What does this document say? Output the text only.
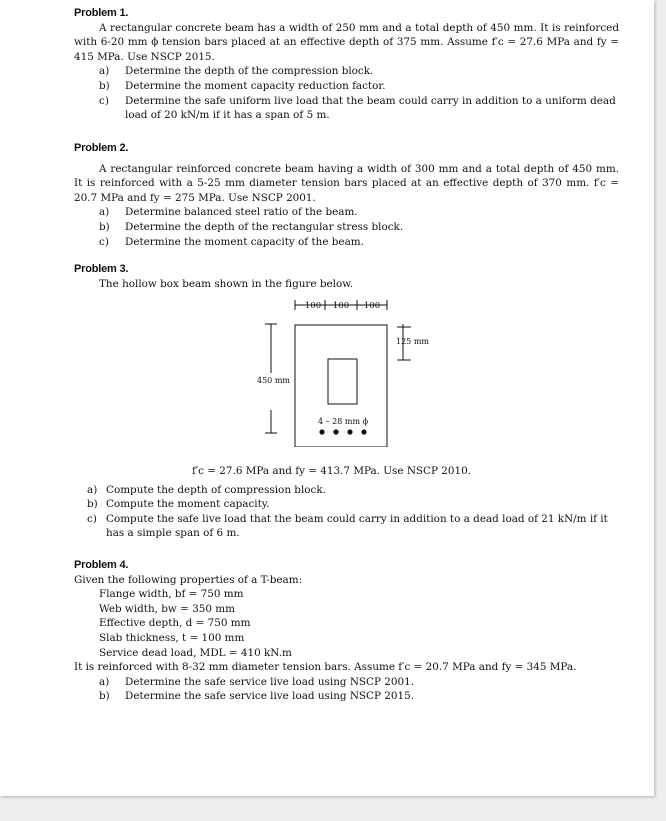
Problem 1.

A rectangular concrete beam has a width of 250 mm and a total depth of 450 mm. It is reinforced with 6-20 mm ϕ tension bars placed at an effective depth of 375 mm. Assume f′c = 27.6 MPa and fy = 415 MPa. Use NSCP 2015.

a) Determine the depth of the compression block.
b) Determine the moment capacity reduction factor.
c) Determine the safe uniform live load that the beam could carry in addition to a uniform dead load of 20 kN/m if it has a span of 5 m.
Problem 2.

A rectangular reinforced concrete beam having a width of 300 mm and a total depth of 450 mm. It is reinforced with a 5-25 mm diameter tension bars placed at an effective depth of 370 mm. f′c = 20.7 MPa and fy = 275 MPa. Use NSCP 2001.

a) Determine balanced steel ratio of the beam.
b) Determine the depth of the rectangular stress block.
c) Determine the moment capacity of the beam.
Problem 3.

The hollow box beam shown in the figure below.

100 100 100
125 mm
450 mm
4 – 28 mm ϕ

f′c = 27.6 MPa and fy = 413.7 MPa. Use NSCP 2010.

a) Compute the depth of compression block.
b) Compute the moment capacity.
c) Compute the safe live load that the beam could carry in addition to a dead load of 21 kN/m if it has a simple span of 6 m.
Problem 4.

Given the following properties of a T-beam:

Flange width, bf = 750 mm
Web width, bw = 350 mm
Effective depth, d = 750 mm
Slab thickness, t = 100 mm
Service dead load, MDL = 410 kN.m

It is reinforced with 8-32 mm diameter tension bars. Assume f′c = 20.7 MPa and fy = 345 MPa.

a) Determine the safe service live load using NSCP 2001.
b) Determine the safe service live load using NSCP 2015.
